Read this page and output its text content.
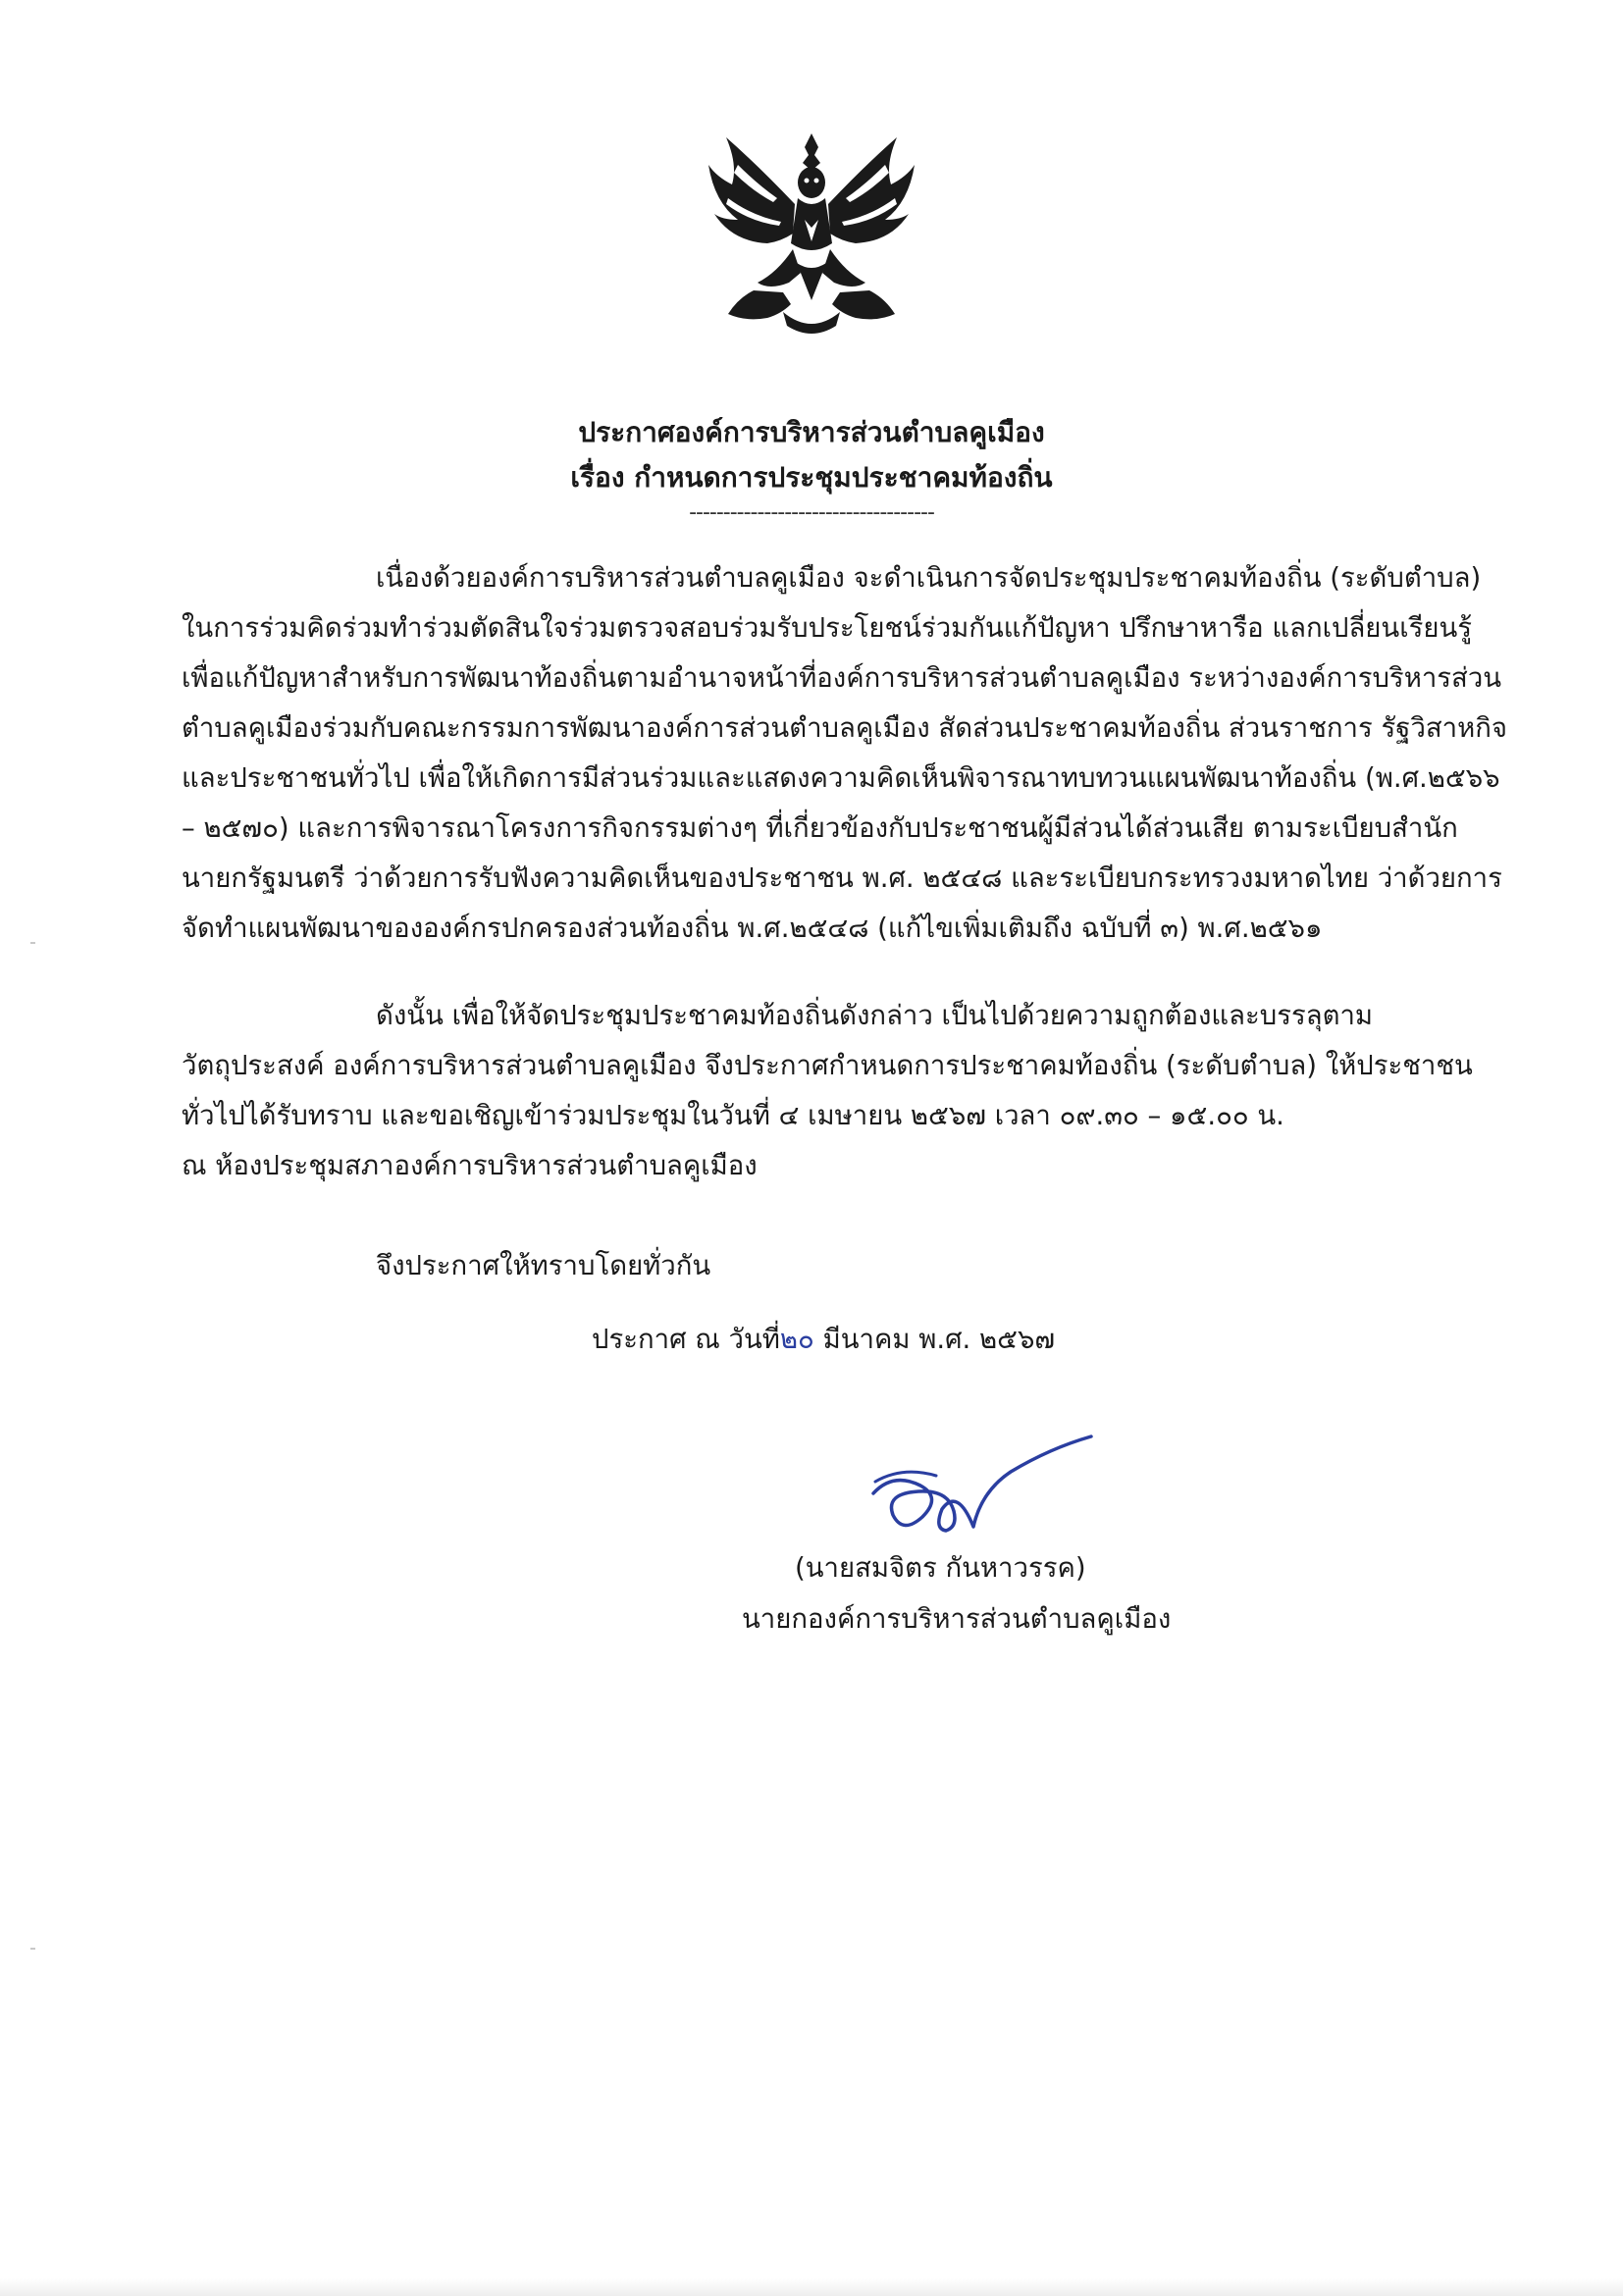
ประกาศองค์การบริหารส่วนตำบลคูเมือง
เรื่อง กำหนดการประชุมประชาคมท้องถิ่น
------------------------------------
เนื่องด้วยองค์การบริหารส่วนตำบลคูเมือง จะดำเนินการจัดประชุมประชาคมท้องถิ่น (ระดับตำบล)
ในการร่วมคิดร่วมทำร่วมตัดสินใจร่วมตรวจสอบร่วมรับประโยชน์ร่วมกันแก้ปัญหา ปรึกษาหารือ แลกเปลี่ยนเรียนรู้
เพื่อแก้ปัญหาสำหรับการพัฒนาท้องถิ่นตามอำนาจหน้าที่องค์การบริหารส่วนตำบลคูเมือง ระหว่างองค์การบริหารส่วน
ตำบลคูเมืองร่วมกับคณะกรรมการพัฒนาองค์การส่วนตำบลคูเมือง สัดส่วนประชาคมท้องถิ่น ส่วนราชการ รัฐวิสาหกิจ
และประชาชนทั่วไป เพื่อให้เกิดการมีส่วนร่วมและแสดงความคิดเห็นพิจารณาทบทวนแผนพัฒนาท้องถิ่น (พ.ศ.๒๕๖๖
– ๒๕๗๐) และการพิจารณาโครงการกิจกรรมต่างๆ ที่เกี่ยวข้องกับประชาชนผู้มีส่วนได้ส่วนเสีย ตามระเบียบสำนัก
นายกรัฐมนตรี ว่าด้วยการรับฟังความคิดเห็นของประชาชน พ.ศ. ๒๕๔๘ และระเบียบกระทรวงมหาดไทย ว่าด้วยการ
จัดทำแผนพัฒนาขององค์กรปกครองส่วนท้องถิ่น พ.ศ.๒๕๔๘ (แก้ไขเพิ่มเติมถึง ฉบับที่ ๓) พ.ศ.๒๕๖๑
ดังนั้น เพื่อให้จัดประชุมประชาคมท้องถิ่นดังกล่าว เป็นไปด้วยความถูกต้องและบรรลุตาม
วัตถุประสงค์ องค์การบริหารส่วนตำบลคูเมือง จึงประกาศกำหนดการประชาคมท้องถิ่น (ระดับตำบล) ให้ประชาชน
ทั่วไปได้รับทราบ และขอเชิญเข้าร่วมประชุมในวันที่ ๔ เมษายน ๒๕๖๗ เวลา ๐๙.๓๐ – ๑๕.๐๐ น.
ณ ห้องประชุมสภาองค์การบริหารส่วนตำบลคูเมือง
จึงประกาศให้ทราบโดยทั่วกัน
ประกาศ ณ วันที่๒๐ มีนาคม พ.ศ. ๒๕๖๗
(นายสมจิตร กันหาวรรค)
นายกองค์การบริหารส่วนตำบลคูเมือง
